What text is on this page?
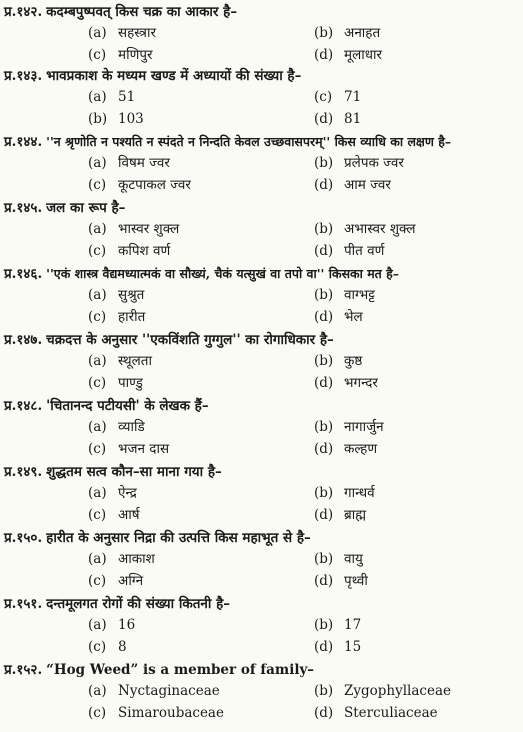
प्र.१४२. कदम्बपुष्पवत् किस चक्र का आकार है–
(a) सहस्त्रार	(b) अनाहत
(c) मणिपुर	(d) मूलाधार
प्र.१४३. भावप्रकाश के मध्यम खण्ड में अध्यायों की संख्या है–
(a) 51	(c) 71
(b) 103	(d) 81
प्र.१४४. ''न श्रृणोति न पश्यति न स्पंदते न निन्दति केवल उच्छवासपरम्'' किस व्याधि का लक्षण है–
(a) विषम ज्वर	(b) प्रलेपक ज्वर
(c) कूटपाकल ज्वर	(d) आम ज्वर
प्र.१४५. जल का रूप है–
(a) भास्वर शुक्ल	(b) अभास्वर शुक्ल
(c) कपिश वर्ण	(d) पीत वर्ण
प्र.१४६. ''एकं शास्त्र वैद्यमध्यात्मकं वा सौख्यं, चैकं यत्सुखं वा तपो वा'' किसका मत है–
(a) सुश्रुत	(b) वाग्भट्ट
(c) हारीत	(d) भेल
प्र.१४७. चक्रदत्त के अनुसार ''एकविंशति गुग्गुल'' का रोगाधिकार है–
(a) स्थूलता	(b) कुष्ठ
(c) पाण्डु	(d) भगन्दर
प्र.१४८. 'चितानन्द पटीयसी' के लेखक हैं–
(a) व्याडि	(b) नागार्जुन
(c) भजन दास	(d) कल्हण
प्र.१४९. शुद्धतम सत्व कौन–सा माना गया है–
(a) ऐन्द्र	(b) गान्धर्व
(c) आर्ष	(d) ब्राह्म
प्र.१५०. हारीत के अनुसार निद्रा की उत्पत्ति किस महाभूत से है–
(a) आकाश	(b) वायु
(c) अग्नि	(d) पृथ्वी
प्र.१५१. दन्तमूलगत रोगों की संख्या कितनी है–
(a) 16	(b) 17
(c) 8	(d) 15
प्र.१५२. “Hog Weed” is a member of family–
(a) Nyctaginaceae	(b) Zygophyllaceae
(c) Simaroubaceae	(d) Sterculiaceae
